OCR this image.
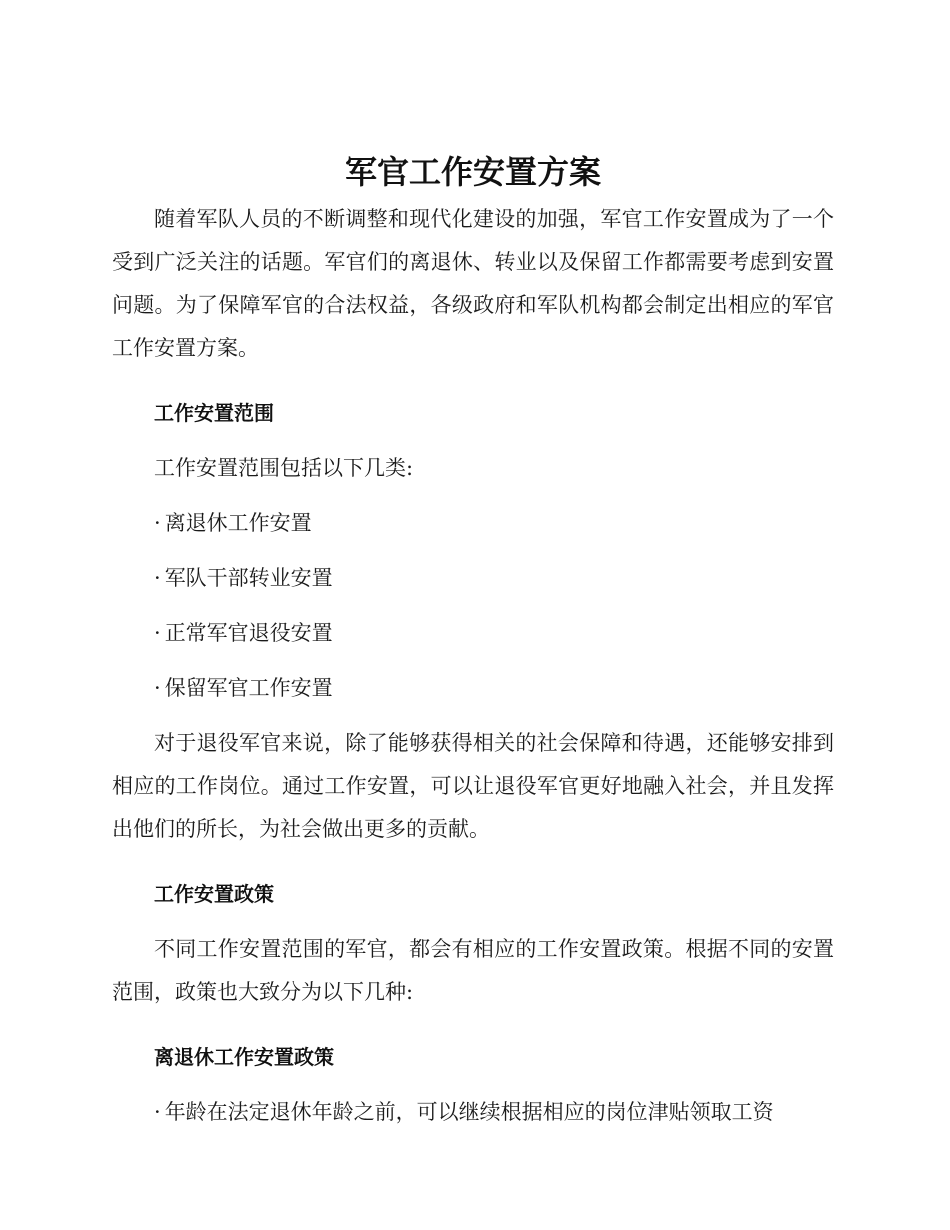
军官工作安置方案

随着军队人员的不断调整和现代化建设的加强，军官工作安置成为了一个受到广泛关注的话题。军官们的离退休、转业以及保留工作都需要考虑到安置问题。为了保障军官的合法权益，各级政府和军队机构都会制定出相应的军官工作安置方案。

工作安置范围

工作安置范围包括以下几类:

· 离退休工作安置
· 军队干部转业安置
· 正常军官退役安置
· 保留军官工作安置

对于退役军官来说，除了能够获得相关的社会保障和待遇，还能够安排到相应的工作岗位。通过工作安置，可以让退役军官更好地融入社会，并且发挥出他们的所长，为社会做出更多的贡献。

工作安置政策

不同工作安置范围的军官，都会有相应的工作安置政策。根据不同的安置范围，政策也大致分为以下几种:

离退休工作安置政策
· 年龄在法定退休年龄之前，可以继续根据相应的岗位津贴领取工资
